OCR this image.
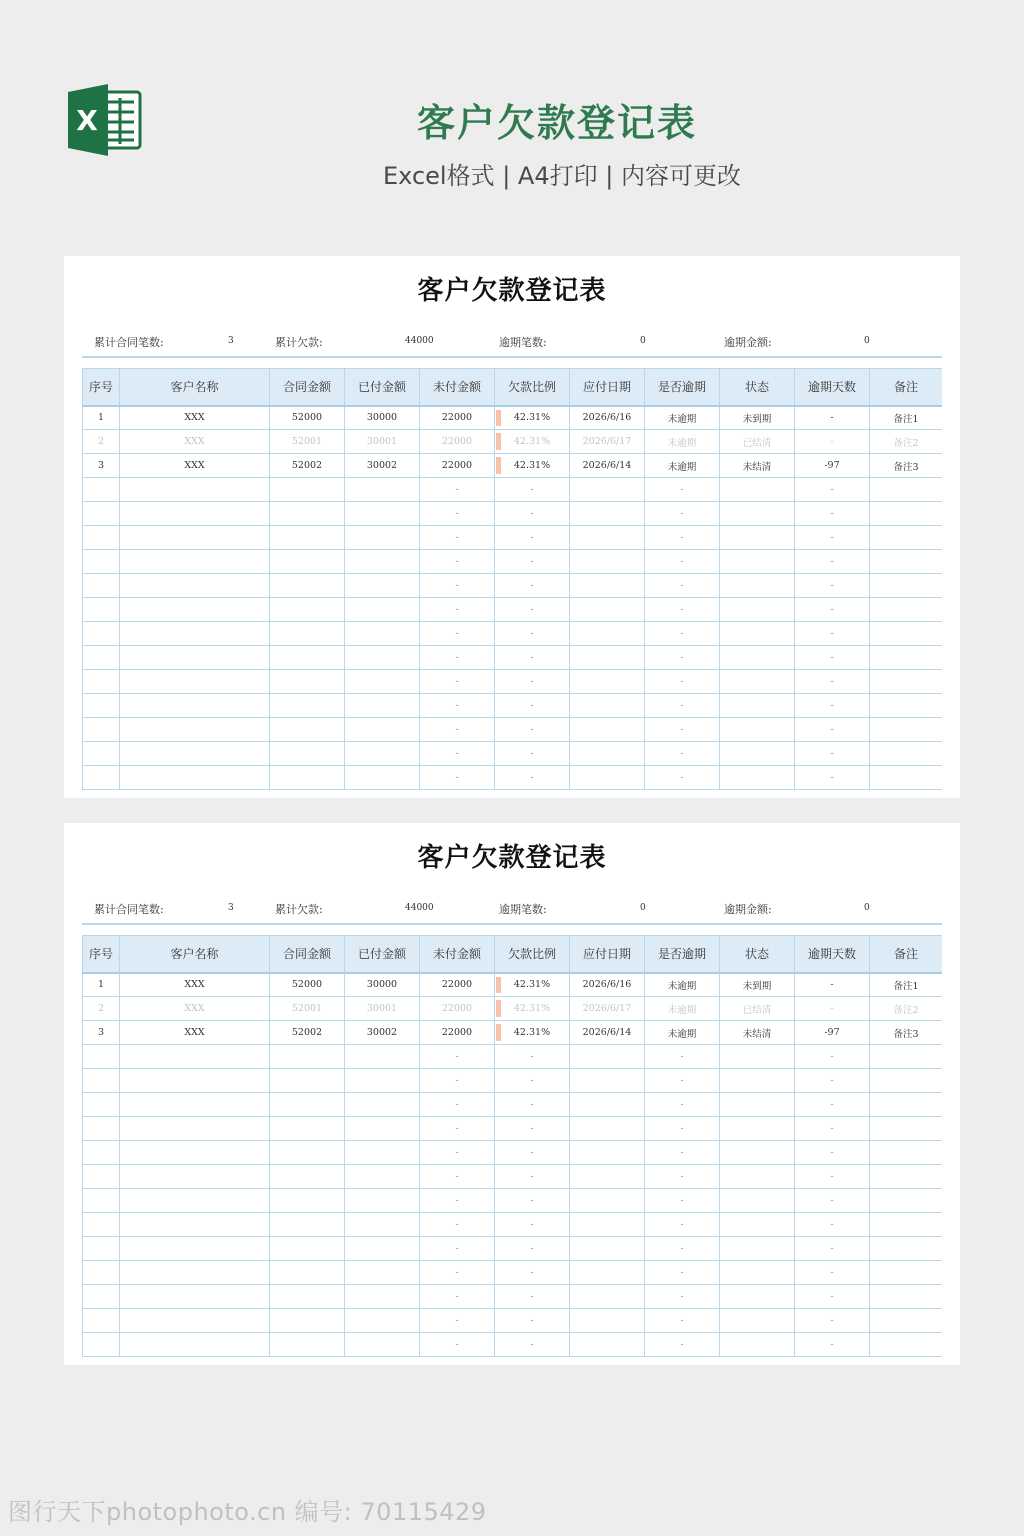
X	客户欠款登记表
Excel格式 | A4打印 | 内容可更改
客户欠款登记表
累计合同笔数:	3	累计欠款:	44000	逾期笔数:	0	逾期金额:	0
序号	客户名称	合同金额	已付金额	未付金额	欠款比例	应付日期	是否逾期	状态	逾期天数	备注
1	XXX	52000	30000	22000	42.31%	2026/6/16	未逾期	未到期	-	备注1
2	XXX	52001	30001	22000	42.31%	2026/6/17	未逾期	已结清	-	备注2
3	XXX	52002	30002	22000	42.31%	2026/6/14	未逾期	未结清	-97	备注3
				-	-		-		-	
				-	-		-		-	
				-	-		-		-	
				-	-		-		-	
				-	-		-		-	
				-	-		-		-	
				-	-		-		-	
				-	-		-		-	
				-	-		-		-	
				-	-		-		-	
				-	-		-		-	
				-	-		-		-	
				-	-		-		-	
客户欠款登记表
累计合同笔数:	3	累计欠款:	44000	逾期笔数:	0	逾期金额:	0
序号	客户名称	合同金额	已付金额	未付金额	欠款比例	应付日期	是否逾期	状态	逾期天数	备注
1	XXX	52000	30000	22000	42.31%	2026/6/16	未逾期	未到期	-	备注1
2	XXX	52001	30001	22000	42.31%	2026/6/17	未逾期	已结清	-	备注2
3	XXX	52002	30002	22000	42.31%	2026/6/14	未逾期	未结清	-97	备注3
				-	-		-		-	
				-	-		-		-	
				-	-		-		-	
				-	-		-		-	
				-	-		-		-	
				-	-		-		-	
				-	-		-		-	
				-	-		-		-	
				-	-		-		-	
				-	-		-		-	
				-	-		-		-	
				-	-		-		-	
				-	-		-		-	
图行天下photophoto.cn 编号: 70115429
